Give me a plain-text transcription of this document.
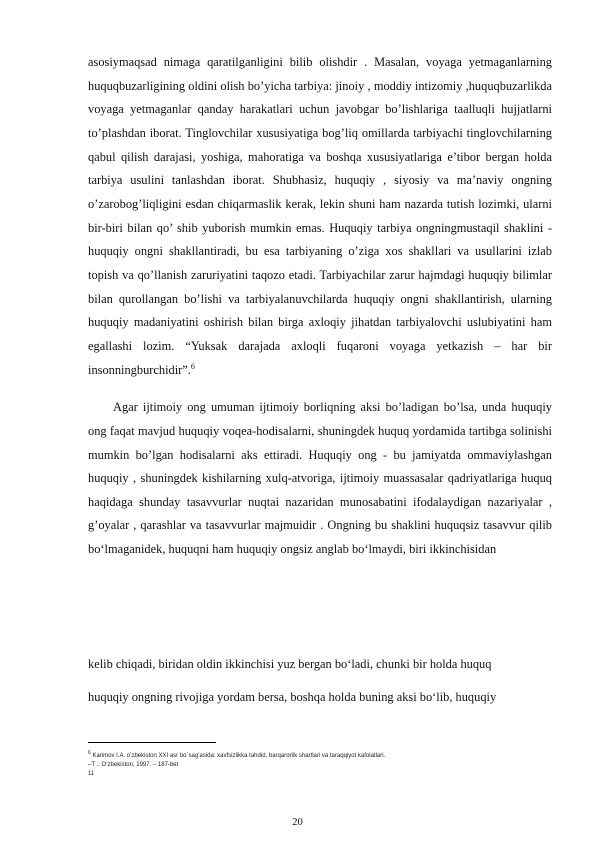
asosiymaqsad nimaga qaratilganligini bilib olishdir . Masalan, voyaga yetmaganlarning huquqbuzarligining oldini olish bo’yicha tarbiya: jinoiy , moddiy intizomiy ,huquqbuzarlikda voyaga yetmaganlar qanday harakatlari uchun javobgar bo’lishlariga taalluqli hujjatlarni to’plashdan iborat. Tinglovchilar xususiyatiga bog’liq omillarda tarbiyachi tinglovchilarning qabul qilish darajasi, yoshiga, mahoratiga va boshqa xususiyatlariga e’tibor bergan holda tarbiya usulini tanlashdan iborat. Shubhasiz, huquqiy , siyosiy va ma’naviy ongning o’zarobog’liqligini esdan chiqarmaslik kerak, lekin shuni ham nazarda tutish lozimki, ularni bir-biri bilan qo’ shib yuborish mumkin emas. Huquqiy tarbiya ongningmustaqil shaklini - huquqiy ongni shakllantiradi, bu esa tarbiyaning o’ziga xos shakllari va usullarini izlab topish va qo’llanish zaruriyatini taqozo etadi. Tarbiyachilar zarur hajmdagi huquqiy bilimlar bilan qurollangan bo’lishi va tarbiyalanuvchilarda huquqiy ongni shakllantirish, ularning huquqiy madaniyatini oshirish bilan birga axloqiy jihatdan tarbiyalovchi uslubiyatini ham egallashi lozim. “Yuksak darajada axloqli fuqaroni voyaga yetkazish – har bir insonningburchidir”.$^6$

Agar ijtimoiy ong umuman ijtimoiy borliqning aksi bo’ladigan bo’lsa, unda huquqiy ong faqat mavjud huquqiy voqea-hodisalarni, shuningdek huquq yordamida tartibga solinishi mumkin bo’lgan hodisalarni aks ettiradi. Huquqiy ong - bu jamiyatda ommaviylashgan huquqiy , shuningdek kishilarning xulq-atvoriga, ijtimoiy muassasalar qadriyatlariga huquq haqidaga shunday tasavvurlar nuqtai nazaridan munosabatini ifodalaydigan nazariyalar , g’oyalar , qarashlar va tasavvurlar majmuidir . Ongning bu shaklini huquqsiz tasavvur qilib bo‘lmaganidek, huquqni ham huquqiy ongsiz anglab bo‘lmaydi, biri ikkinchisidan

kelib chiqadi, biridan oldin ikkinchisi yuz bergan bo‘ladi, chunki bir holda huquq

huquqiy ongning rivojiga yordam bersa, boshqa holda buning aksi bo‘lib, huquqiy

$^6$ Karimov I.A. o’zbekiston XXI asr bo`sag’asida: xavfsizlikka tahdid, barqarorlik shartlari va taraqqiyot kafolatlari.

–T .: O‘zbekiston, 1997. – 187-bet

11

20
